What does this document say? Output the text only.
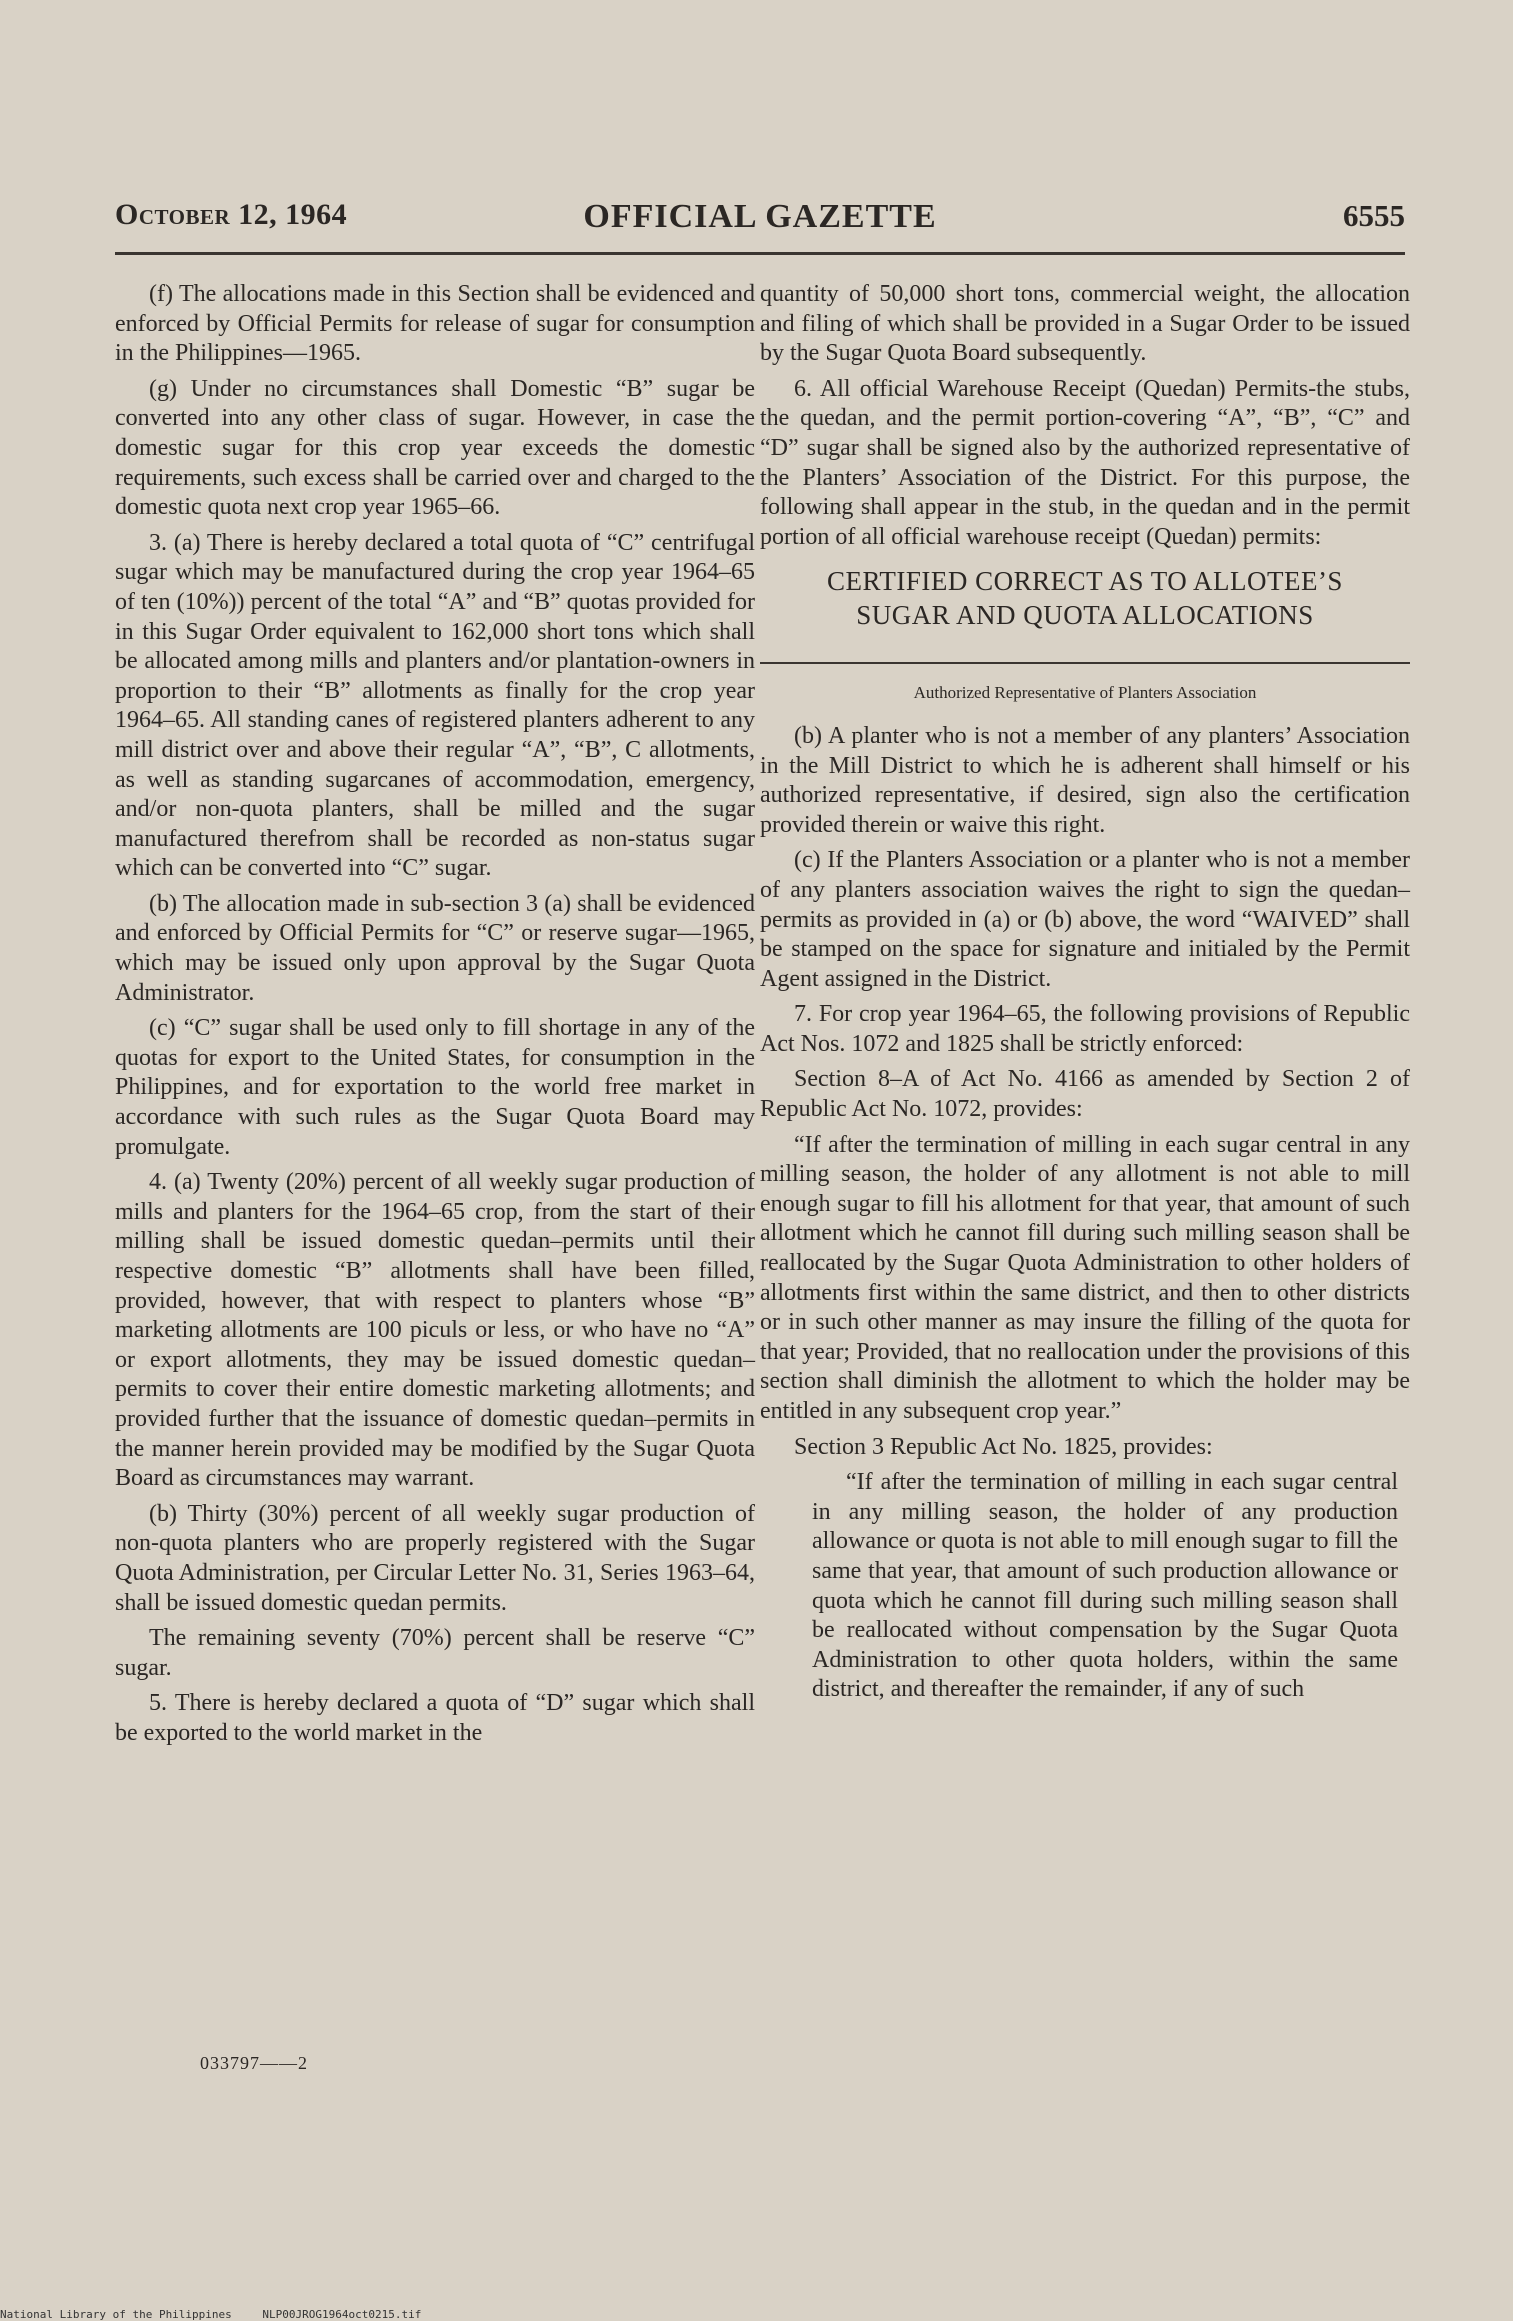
October 12, 1964	OFFICIAL GAZETTE	6555

(f) The allocations made in this Section shall be evidenced and enforced by Official Permits for release of sugar for consumption in the Philippines—1965.

(g) Under no circumstances shall Domestic “B” sugar be converted into any other class of sugar. However, in case the domestic sugar for this crop year exceeds the domestic requirements, such excess shall be carried over and charged to the domestic quota next crop year 1965–66.

3. (a) There is hereby declared a total quota of “C” centrifugal sugar which may be manufactured during the crop year 1964–65 of ten (10%)) percent of the total “A” and “B” quotas provided for in this Sugar Order equivalent to 162,000 short tons which shall be allocated among mills and planters and/or plantation-owners in proportion to their “B” allotments as finally for the crop year 1964–65. All standing canes of registered planters adherent to any mill district over and above their regular “A”, “B”, C allotments, as well as standing sugarcanes of accommodation, emergency, and/or non-quota planters, shall be milled and the sugar manufactured therefrom shall be recorded as non-status sugar which can be converted into “C” sugar.

(b) The allocation made in sub-section 3 (a) shall be evidenced and enforced by Official Permits for “C” or reserve sugar—1965, which may be issued only upon approval by the Sugar Quota Administrator.

(c) “C” sugar shall be used only to fill shortage in any of the quotas for export to the United States, for consumption in the Philippines, and for exportation to the world free market in accordance with such rules as the Sugar Quota Board may promulgate.

4. (a) Twenty (20%) percent of all weekly sugar production of mills and planters for the 1964–65 crop, from the start of their milling shall be issued domestic quedan–permits until their respective domestic “B” allotments shall have been filled, provided, however, that with respect to planters whose “B” marketing allotments are 100 piculs or less, or who have no “A” or export allotments, they may be issued domestic quedan–permits to cover their entire domestic marketing allotments; and provided further that the issuance of domestic quedan–permits in the manner herein provided may be modified by the Sugar Quota Board as circumstances may warrant.

(b) Thirty (30%) percent of all weekly sugar production of non-quota planters who are properly registered with the Sugar Quota Administration, per Circular Letter No. 31, Series 1963–64, shall be issued domestic quedan permits.

The remaining seventy (70%) percent shall be reserve “C” sugar.

5. There is hereby declared a quota of “D” sugar which shall be exported to the world market in the

033797——2

quantity of 50,000 short tons, commercial weight, the allocation and filing of which shall be provided in a Sugar Order to be issued by the Sugar Quota Board subsequently.

6. All official Warehouse Receipt (Quedan) Permits-the stubs, the quedan, and the permit portion-covering “A”, “B”, “C” and “D” sugar shall be signed also by the authorized representative of the Planters’ Association of the District. For this purpose, the following shall appear in the stub, in the quedan and in the permit portion of all official warehouse receipt (Quedan) permits:

CERTIFIED CORRECT AS TO ALLOTEE’S
SUGAR AND QUOTA ALLOCATIONS
Authorized Representative of Planters Association

(b) A planter who is not a member of any planters’ Association in the Mill District to which he is adherent shall himself or his authorized representative, if desired, sign also the certification provided therein or waive this right.

(c) If the Planters Association or a planter who is not a member of any planters association waives the right to sign the quedan–permits as provided in (a) or (b) above, the word “WAIVED” shall be stamped on the space for signature and initialed by the Permit Agent assigned in the District.

7. For crop year 1964–65, the following provisions of Republic Act Nos. 1072 and 1825 shall be strictly enforced:

Section 8–A of Act No. 4166 as amended by Section 2 of Republic Act No. 1072, provides:

“If after the termination of milling in each sugar central in any milling season, the holder of any allotment is not able to mill enough sugar to fill his allotment for that year, that amount of such allotment which he cannot fill during such milling season shall be reallocated by the Sugar Quota Administration to other holders of allotments first within the same district, and then to other districts or in such other manner as may insure the filling of the quota for that year; Provided, that no reallocation under the provisions of this section shall diminish the allotment to which the holder may be entitled in any subsequent crop year.”

Section 3 Republic Act No. 1825, provides:

“If after the termination of milling in each sugar central in any milling season, the holder of any production allowance or quota is not able to mill enough sugar to fill the same that year, that amount of such production allowance or quota which he cannot fill during such milling season shall be reallocated without compensation by the Sugar Quota Administration to other quota holders, within the same district, and thereafter the remainder, if any of such

National Library of the Philippines	NLP00JROG1964oct0215.tif
